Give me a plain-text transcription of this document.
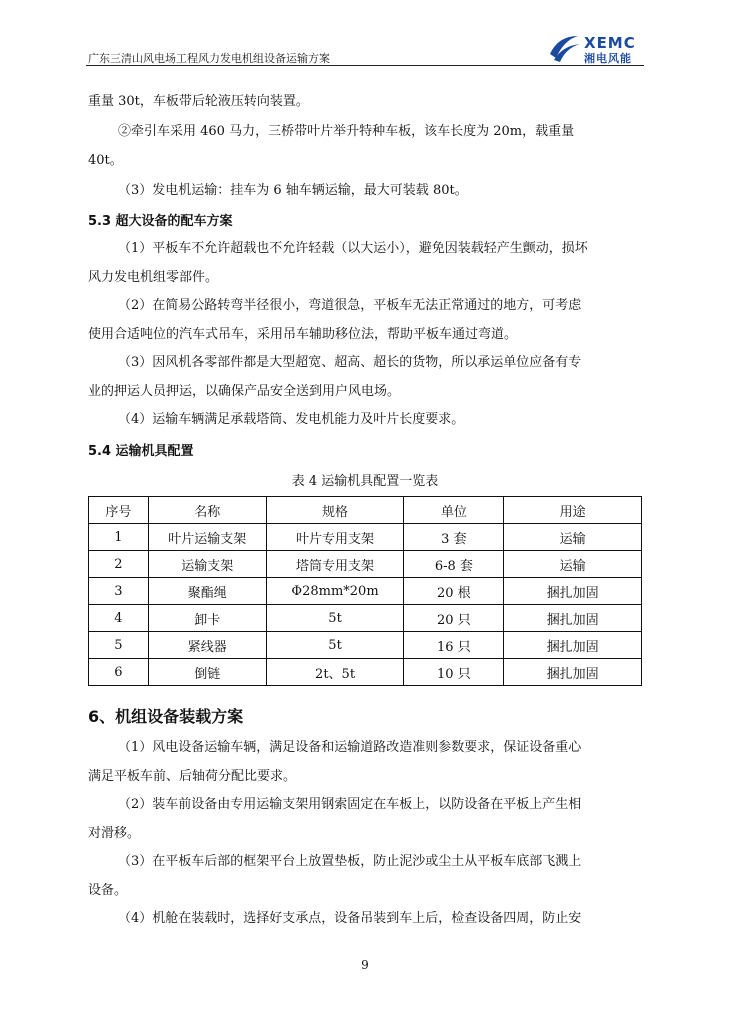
广东三清山风电场工程风力发电机组设备运输方案
XEMC
湘电风能
重量 30t，车板带后轮液压转向装置。
②牵引车采用 460 马力，三桥带叶片举升特种车板，该车长度为 20m，载重量
40t。
（3）发电机运输：挂车为 6 轴车辆运输，最大可装载 80t。
5.3 超大设备的配车方案
（1）平板车不允许超载也不允许轻载（以大运小），避免因装载轻产生颤动，损坏
风力发电机组零部件。
（2）在简易公路转弯半径很小，弯道很急，平板车无法正常通过的地方，可考虑
使用合适吨位的汽车式吊车，采用吊车辅助移位法，帮助平板车通过弯道。
（3）因风机各零部件都是大型超宽、超高、超长的货物，所以承运单位应备有专
业的押运人员押运，以确保产品安全送到用户风电场。
（4）运输车辆满足承载塔筒、发电机能力及叶片长度要求。
5.4 运输机具配置
表 4 运输机具配置一览表
序号	名称	规格	单位	用途
1	叶片运输支架	叶片专用支架	3 套	运输
2	运输支架	塔筒专用支架	6-8 套	运输
3	聚酯绳	Φ28mm*20m	20 根	捆扎加固
4	卸卡	5t	20 只	捆扎加固
5	紧线器	5t	16 只	捆扎加固
6	倒链	2t、5t	10 只	捆扎加固
6、机组设备装载方案
（1）风电设备运输车辆，满足设备和运输道路改造准则参数要求，保证设备重心
满足平板车前、后轴荷分配比要求。
（2）装车前设备由专用运输支架用钢索固定在车板上，以防设备在平板上产生相
对滑移。
（3）在平板车后部的框架平台上放置垫板，防止泥沙或尘土从平板车底部飞溅上
设备。
（4）机舱在装载时，选择好支承点，设备吊装到车上后，检查设备四周，防止安
9
